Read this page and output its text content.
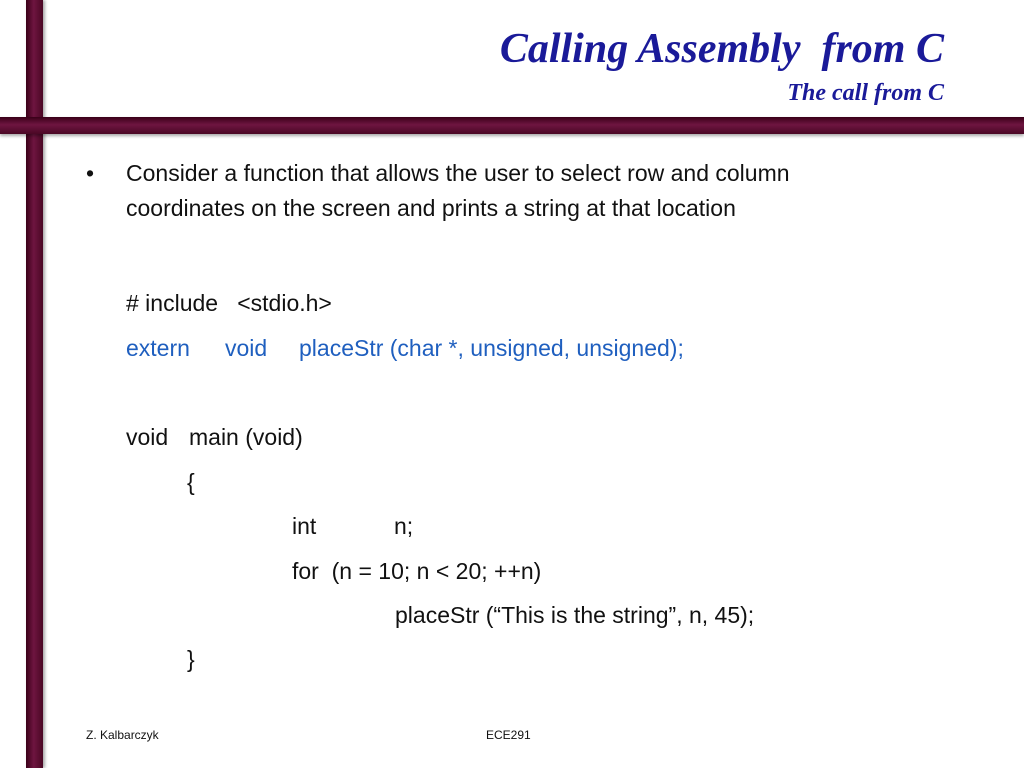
Calling Assembly  from C
The call from C
• Consider a function that allows the user to select row and column
coordinates on the screen and prints a string at that location
# include   <stdio.h>
extern void placeStr (char *, unsigned, unsigned);
void main (void)
{
int	n;
for  (n = 10; n < 20; ++n)
placeStr (“This is the string”, n, 45);
}
Z. Kalbarczyk	ECE291
